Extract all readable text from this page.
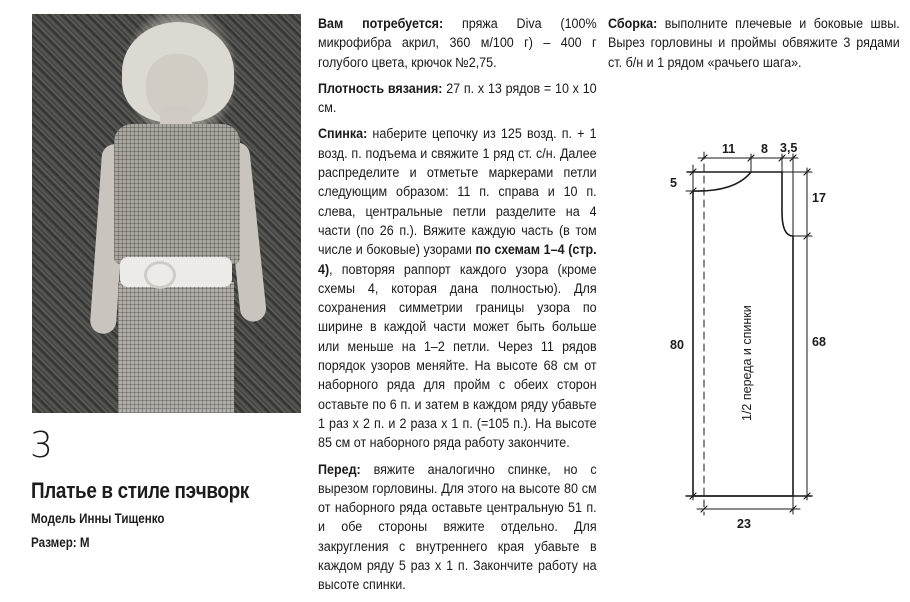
3
Платье в стиле пэчворк
Модель Инны Тищенко
Размер: М

Вам потребуется: пряжа Diva (100% микрофибра акрил, 360 м/100 г) – 400 г голубого цвета, крючок №2,75.

Плотность вязания: 27 п. х 13 рядов = 10 х 10 см.

Спинка: наберите цепочку из 125 возд. п. + 1 возд. п. подъема и свяжите 1 ряд ст. с/н. Далее распределите и отметьте маркерами петли следующим образом: 11 п. справа и 10 п. слева, центральные петли разделите на 4 части (по 26 п.). Вяжите каждую часть (в том числе и боковые) узорами по схемам 1–4 (стр. 4), повторяя раппорт каждого узора (кроме схемы 4, которая дана полностью). Для сохранения симметрии границы узора по ширине в каждой части может быть больше или меньше на 1–2 петли. Через 11 рядов порядок узоров меняйте. На высоте 68 см от наборного ряда для пройм с обеих сторон оставьте по 6 п. и затем в каждом ряду убавьте 1 раз х 2 п. и 2 раза х 1 п. (=105 п.). На высоте 85 см от наборного ряда работу закончите.

Перед: вяжите аналогично спинке, но с вырезом горловины. Для этого на высоте 80 см от наборного ряда оставьте центральную 51 п. и обе стороны вяжите отдельно. Для закругления с внутреннего края убавьте в каждом ряду 5 раз х 1 п. Закончите работу на высоте спинки.

Сборка: выполните плечевые и боковые швы. Вырез горловины и проймы обвяжите 3 рядами ст. б/н и 1 рядом «рачьего шага».

11 8 3,5
5
17
80	68
23
1/2 переда и спинки
